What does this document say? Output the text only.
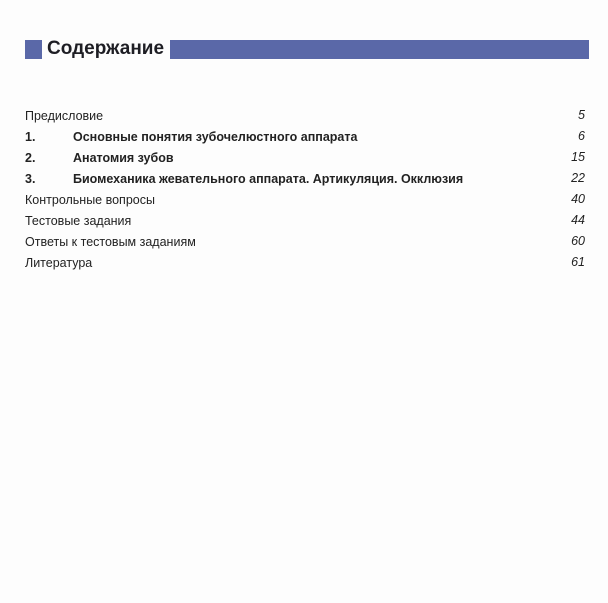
Содержание
Предисловие	5
1.	Основные понятия зубочелюстного аппарата	6
2.	Анатомия зубов	15
3.	Биомеханика жевательного аппарата. Артикуляция. Окклюзия	22
Контрольные вопросы	40
Тестовые задания	44
Ответы к тестовым заданиям	60
Литература	61
